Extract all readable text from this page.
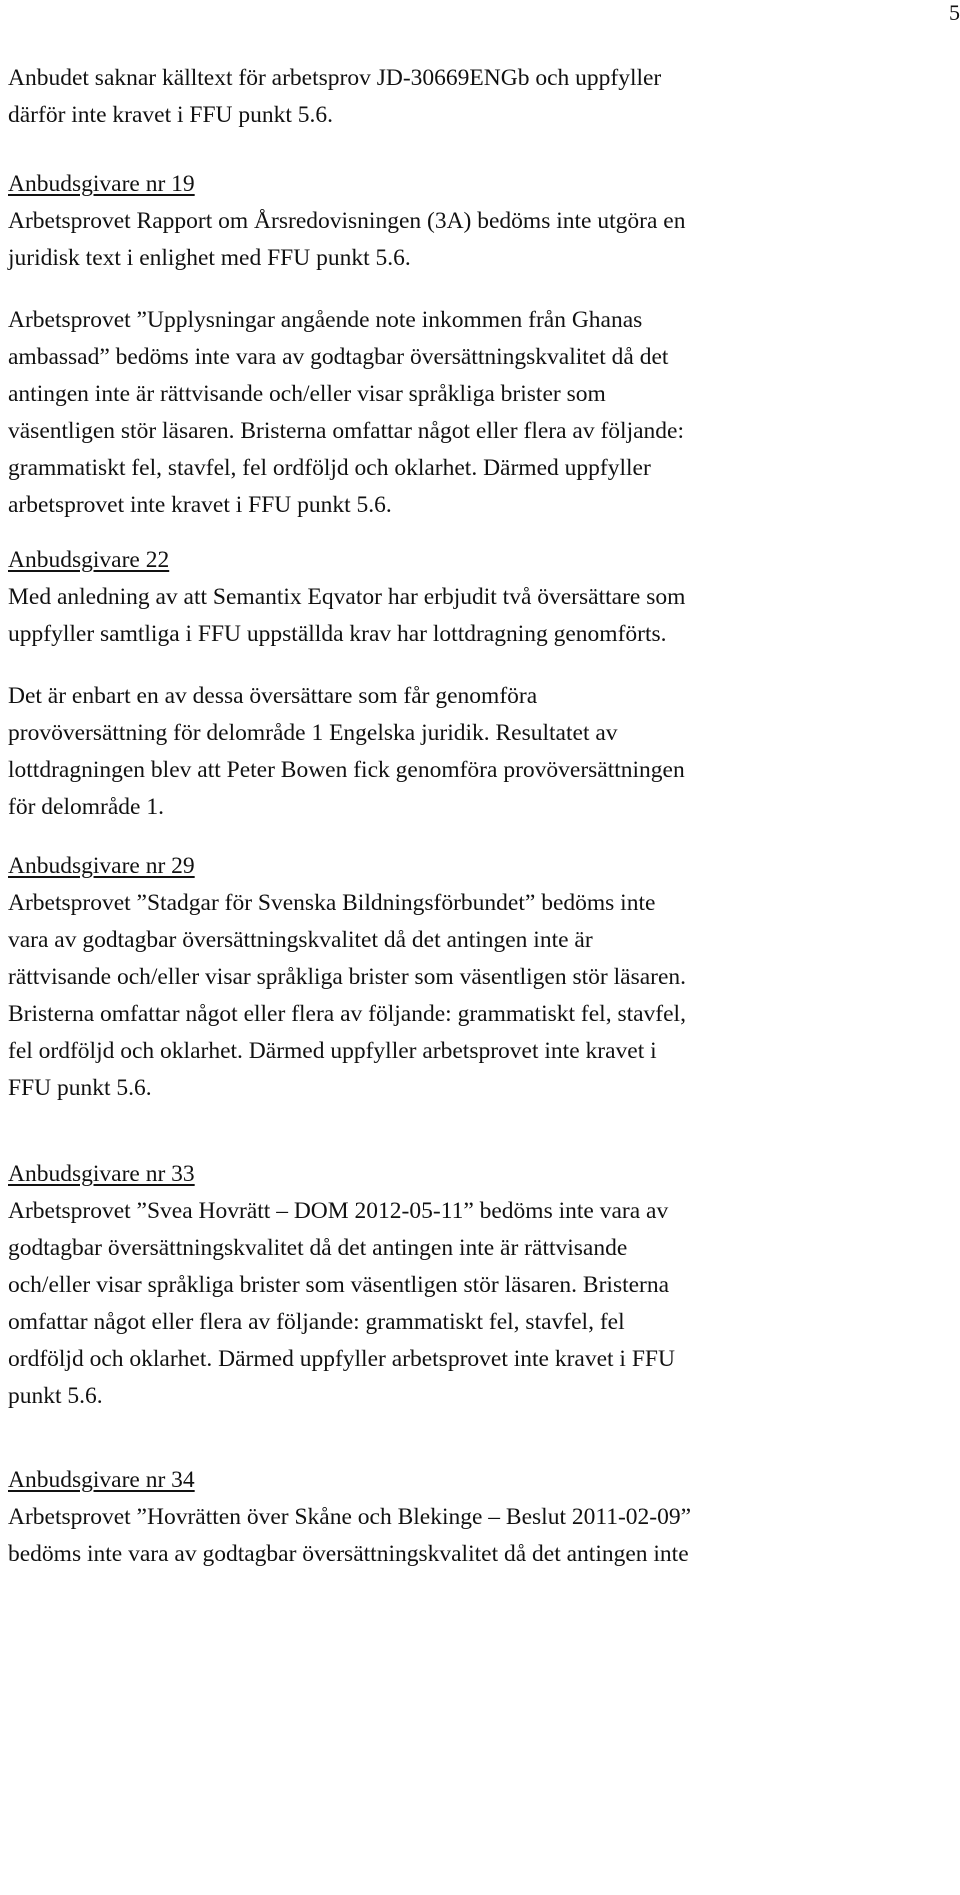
5
Anbudet saknar källtext för arbetsprov JD-30669ENGb och uppfyller
därför inte kravet i FFU punkt 5.6.
Anbudsgivare nr 19
Arbetsprovet Rapport om Årsredovisningen (3A) bedöms inte utgöra en
juridisk text i enlighet med FFU punkt 5.6.
Arbetsprovet ”Upplysningar angående note inkommen från Ghanas
ambassad” bedöms inte vara av godtagbar översättningskvalitet då det
antingen inte är rättvisande och/eller visar språkliga brister som
väsentligen stör läsaren. Bristerna omfattar något eller flera av följande:
grammatiskt fel, stavfel, fel ordföljd och oklarhet. Därmed uppfyller
arbetsprovet inte kravet i FFU punkt 5.6.
Anbudsgivare 22
Med anledning av att Semantix Eqvator har erbjudit två översättare som
uppfyller samtliga i FFU uppställda krav har lottdragning genomförts.
Det är enbart en av dessa översättare som får genomföra
provöversättning för delområde 1 Engelska juridik. Resultatet av
lottdragningen blev att Peter Bowen fick genomföra provöversättningen
för delområde 1.
Anbudsgivare nr 29
Arbetsprovet ”Stadgar för Svenska Bildningsförbundet” bedöms inte
vara av godtagbar översättningskvalitet då det antingen inte är
rättvisande och/eller visar språkliga brister som väsentligen stör läsaren.
Bristerna omfattar något eller flera av följande: grammatiskt fel, stavfel,
fel ordföljd och oklarhet. Därmed uppfyller arbetsprovet inte kravet i
FFU punkt 5.6.
Anbudsgivare nr 33
Arbetsprovet ”Svea Hovrätt – DOM 2012-05-11” bedöms inte vara av
godtagbar översättningskvalitet då det antingen inte är rättvisande
och/eller visar språkliga brister som väsentligen stör läsaren. Bristerna
omfattar något eller flera av följande: grammatiskt fel, stavfel, fel
ordföljd och oklarhet. Därmed uppfyller arbetsprovet inte kravet i FFU
punkt 5.6.
Anbudsgivare nr 34
Arbetsprovet ”Hovrätten över Skåne och Blekinge – Beslut 2011-02-09”
bedöms inte vara av godtagbar översättningskvalitet då det antingen inte
